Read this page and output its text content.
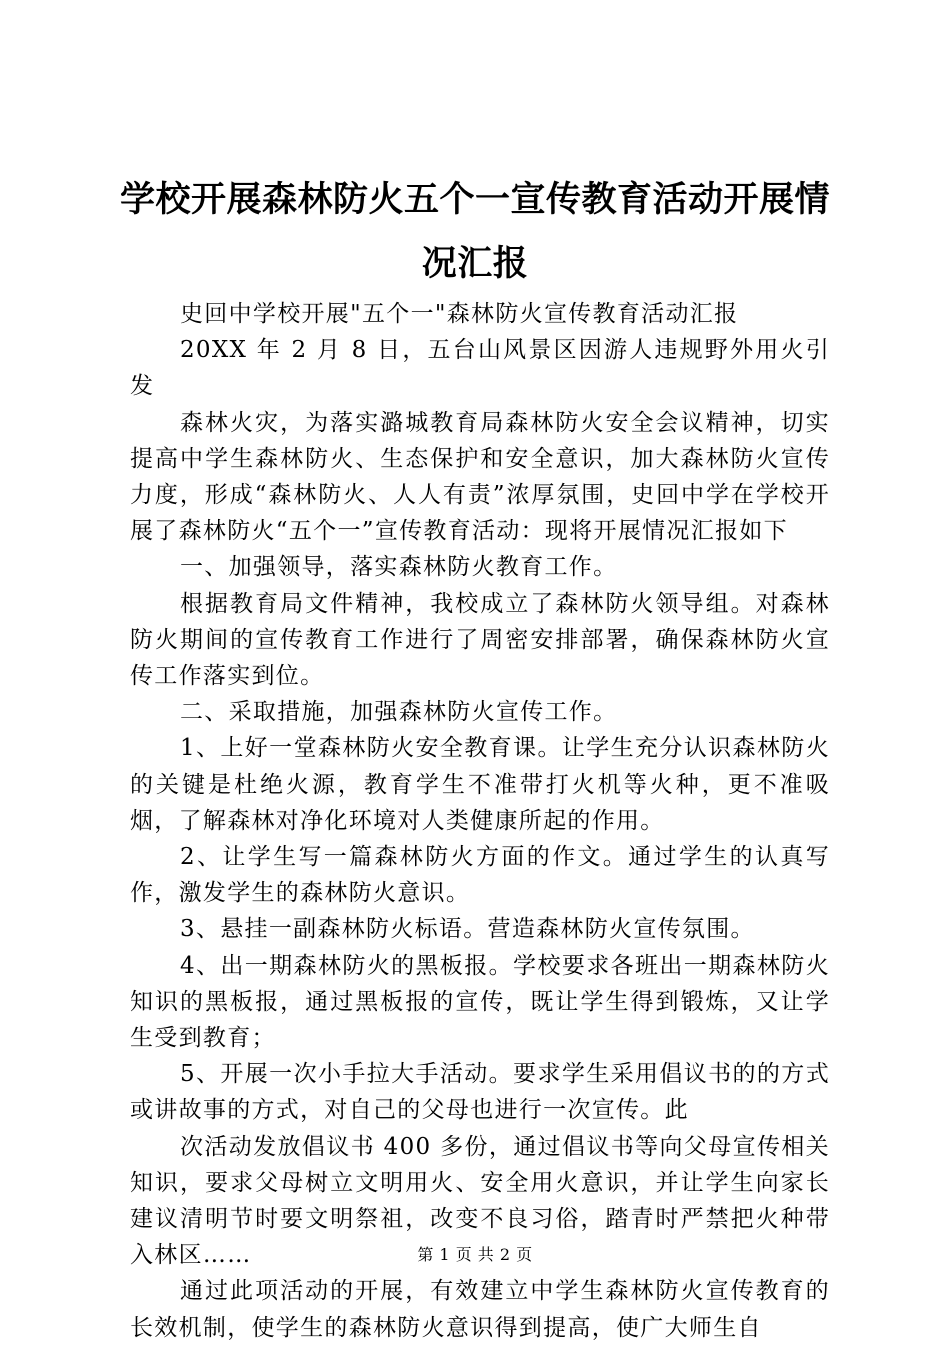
学校开展森林防火五个一宣传教育活动开展情况汇报

史回中学校开展"五个一"森林防火宣传教育活动汇报

20XX 年 2 月 8 日，五台山风景区因游人违规野外用火引发

森林火灾，为落实潞城教育局森林防火安全会议精神，切实提高中学生森林防火、生态保护和安全意识，加大森林防火宣传力度，形成“森林防火、人人有责”浓厚氛围，史回中学在学校开展了森林防火“五个一”宣传教育活动：现将开展情况汇报如下

一、加强领导，落实森林防火教育工作。

根据教育局文件精神，我校成立了森林防火领导组。对森林防火期间的宣传教育工作进行了周密安排部署，确保森林防火宣传工作落实到位。

二、采取措施，加强森林防火宣传工作。

1、上好一堂森林防火安全教育课。让学生充分认识森林防火的关键是杜绝火源，教育学生不准带打火机等火种，更不准吸烟，了解森林对净化环境对人类健康所起的作用。

2、让学生写一篇森林防火方面的作文。通过学生的认真写作，激发学生的森林防火意识。

3、悬挂一副森林防火标语。营造森林防火宣传氛围。

4、出一期森林防火的黑板报。学校要求各班出一期森林防火知识的黑板报，通过黑板报的宣传，既让学生得到锻炼，又让学生受到教育；

5、开展一次小手拉大手活动。要求学生采用倡议书的的方式或讲故事的方式，对自己的父母也进行一次宣传。此

次活动发放倡议书 400 多份，通过倡议书等向父母宣传相关知识，要求父母树立文明用火、安全用火意识，并让学生向家长建议清明节时要文明祭祖，改变不良习俗，踏青时严禁把火种带入林区……

通过此项活动的开展，有效建立中学生森林防火宣传教育的长效机制，使学生的森林防火意识得到提高，使广大师生自

第 1 页 共 2 页
